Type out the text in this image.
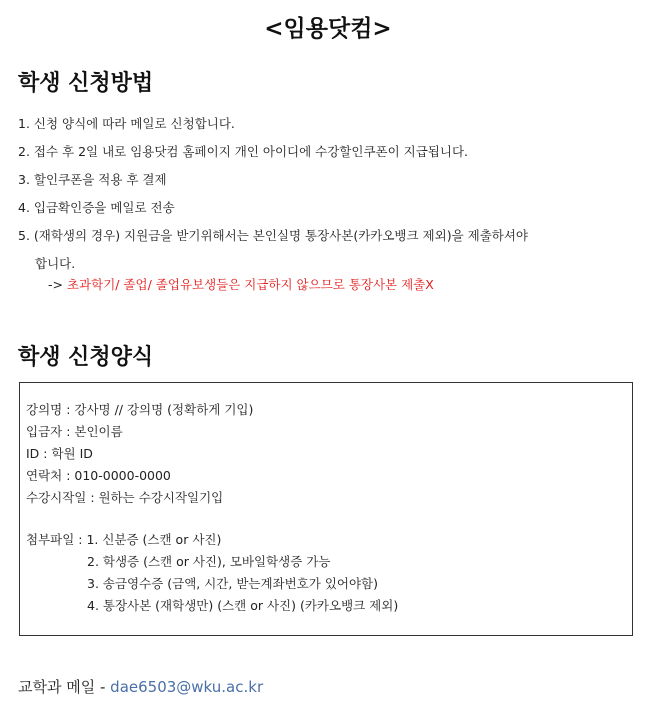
<임용닷컴>
학생 신청방법
1. 신청 양식에 따라 메일로 신청합니다.
2. 접수 후 2일 내로 임용닷컴 홈페이지 개인 아이디에 수강할인쿠폰이 지급됩니다.
3. 할인쿠폰을 적용 후 결제
4. 입금확인증을 메일로 전송
5. (재학생의 경우) 지원금을 받기위해서는 본인실명 통장사본(카카오뱅크 제외)을 제출하셔야
합니다.
-> 초과학기/ 졸업/ 졸업유보생들은 지급하지 않으므로 통장사본 제출X
학생 신청양식
강의명 : 강사명 // 강의명 (정확하게 기입)
입금자 : 본인이름
ID : 학원 ID
연락처 : 010-0000-0000
수강시작일 : 원하는 수강시작일기입
첨부파일 : 1. 신분증 (스캔 or 사진)
2. 학생증 (스캔 or 사진), 모바일학생증 가능
3. 송금영수증 (금액, 시간, 받는계좌번호가 있어야함)
4. 통장사본 (재학생만) (스캔 or 사진) (카카오뱅크 제외)
교학과 메일 - dae6503@wku.ac.kr
